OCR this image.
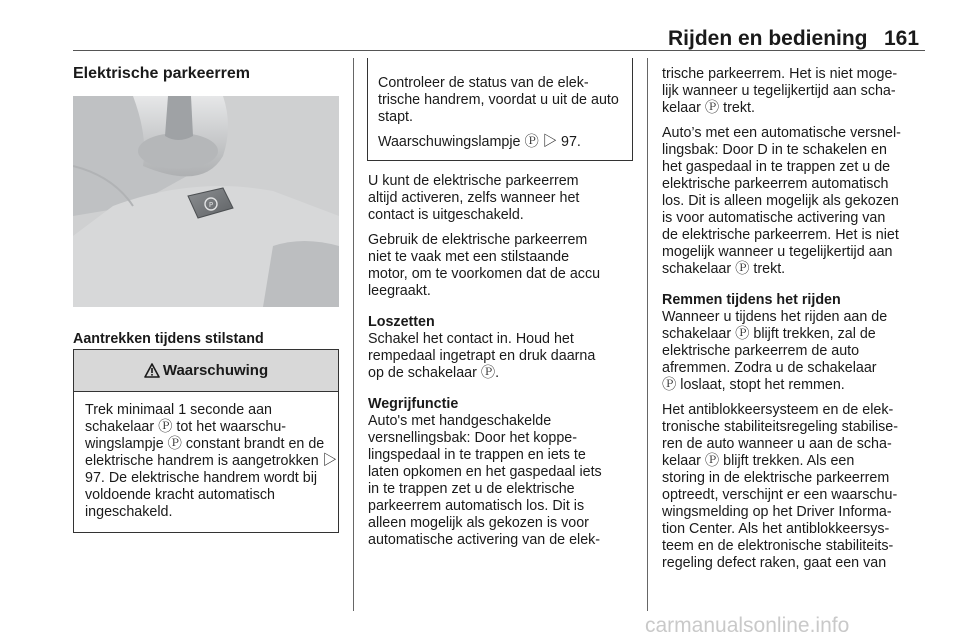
Rijden en bediening 161
Elektrische parkeerrem
P
Aantrekken tijdens stilstand
Waarschuwing
Trek minimaal 1 seconde aan schakelaar Ⓟ tot het waarschu- wingslampje Ⓟ constant brandt en de elektrische handrem is aangetrokken ▷ 97. De elektrische handrem wordt bij voldoende kracht automatisch ingeschakeld.

Controleer de status van de elek- trische handrem, voordat u uit de auto stapt.

Waarschuwingslampje Ⓟ ▷ 97.

U kunt de elektrische parkeerrem
altijd activeren, zelfs wanneer het
contact is uitgeschakeld.

Gebruik de elektrische parkeerrem
niet te vaak met een stilstaande
motor, om te voorkomen dat de accu
leegraakt.

Loszetten

Schakel het contact in. Houd het
rempedaal ingetrapt en druk daarna
op de schakelaar Ⓟ.

Wegrijfunctie

Auto's met handgeschakelde
versnellingsbak: Door het koppe-
lingspedaal in te trappen en iets te
laten opkomen en het gaspedaal iets
in te trappen zet u de elektrische
parkeerrem automatisch los. Dit is
alleen mogelijk als gekozen is voor
automatische activering van de elek-

trische parkeerrem. Het is niet moge-
lijk wanneer u tegelijkertijd aan scha-
kelaar Ⓟ trekt.

Auto’s met een automatische versnel-
lingsbak: Door D in te schakelen en
het gaspedaal in te trappen zet u de
elektrische parkeerrem automatisch
los. Dit is alleen mogelijk als gekozen
is voor automatische activering van
de elektrische parkeerrem. Het is niet
mogelijk wanneer u tegelijkertijd aan
schakelaar Ⓟ trekt.

Remmen tijdens het rijden

Wanneer u tijdens het rijden aan de
schakelaar Ⓟ blijft trekken, zal de
elektrische parkeerrem de auto
afremmen. Zodra u de schakelaar
Ⓟ loslaat, stopt het remmen.

Het antiblokkeersysteem en de elek-
tronische stabiliteitsregeling stabilise-
ren de auto wanneer u aan de scha-
kelaar Ⓟ blijft trekken. Als een
storing in de elektrische parkeerrem
optreedt, verschijnt er een waarschu-
wingsmelding op het Driver Informa-
tion Center. Als het antiblokkeersys-
teem en de elektronische stabiliteits-
regeling defect raken, gaat een van

carmanualsonline.info
